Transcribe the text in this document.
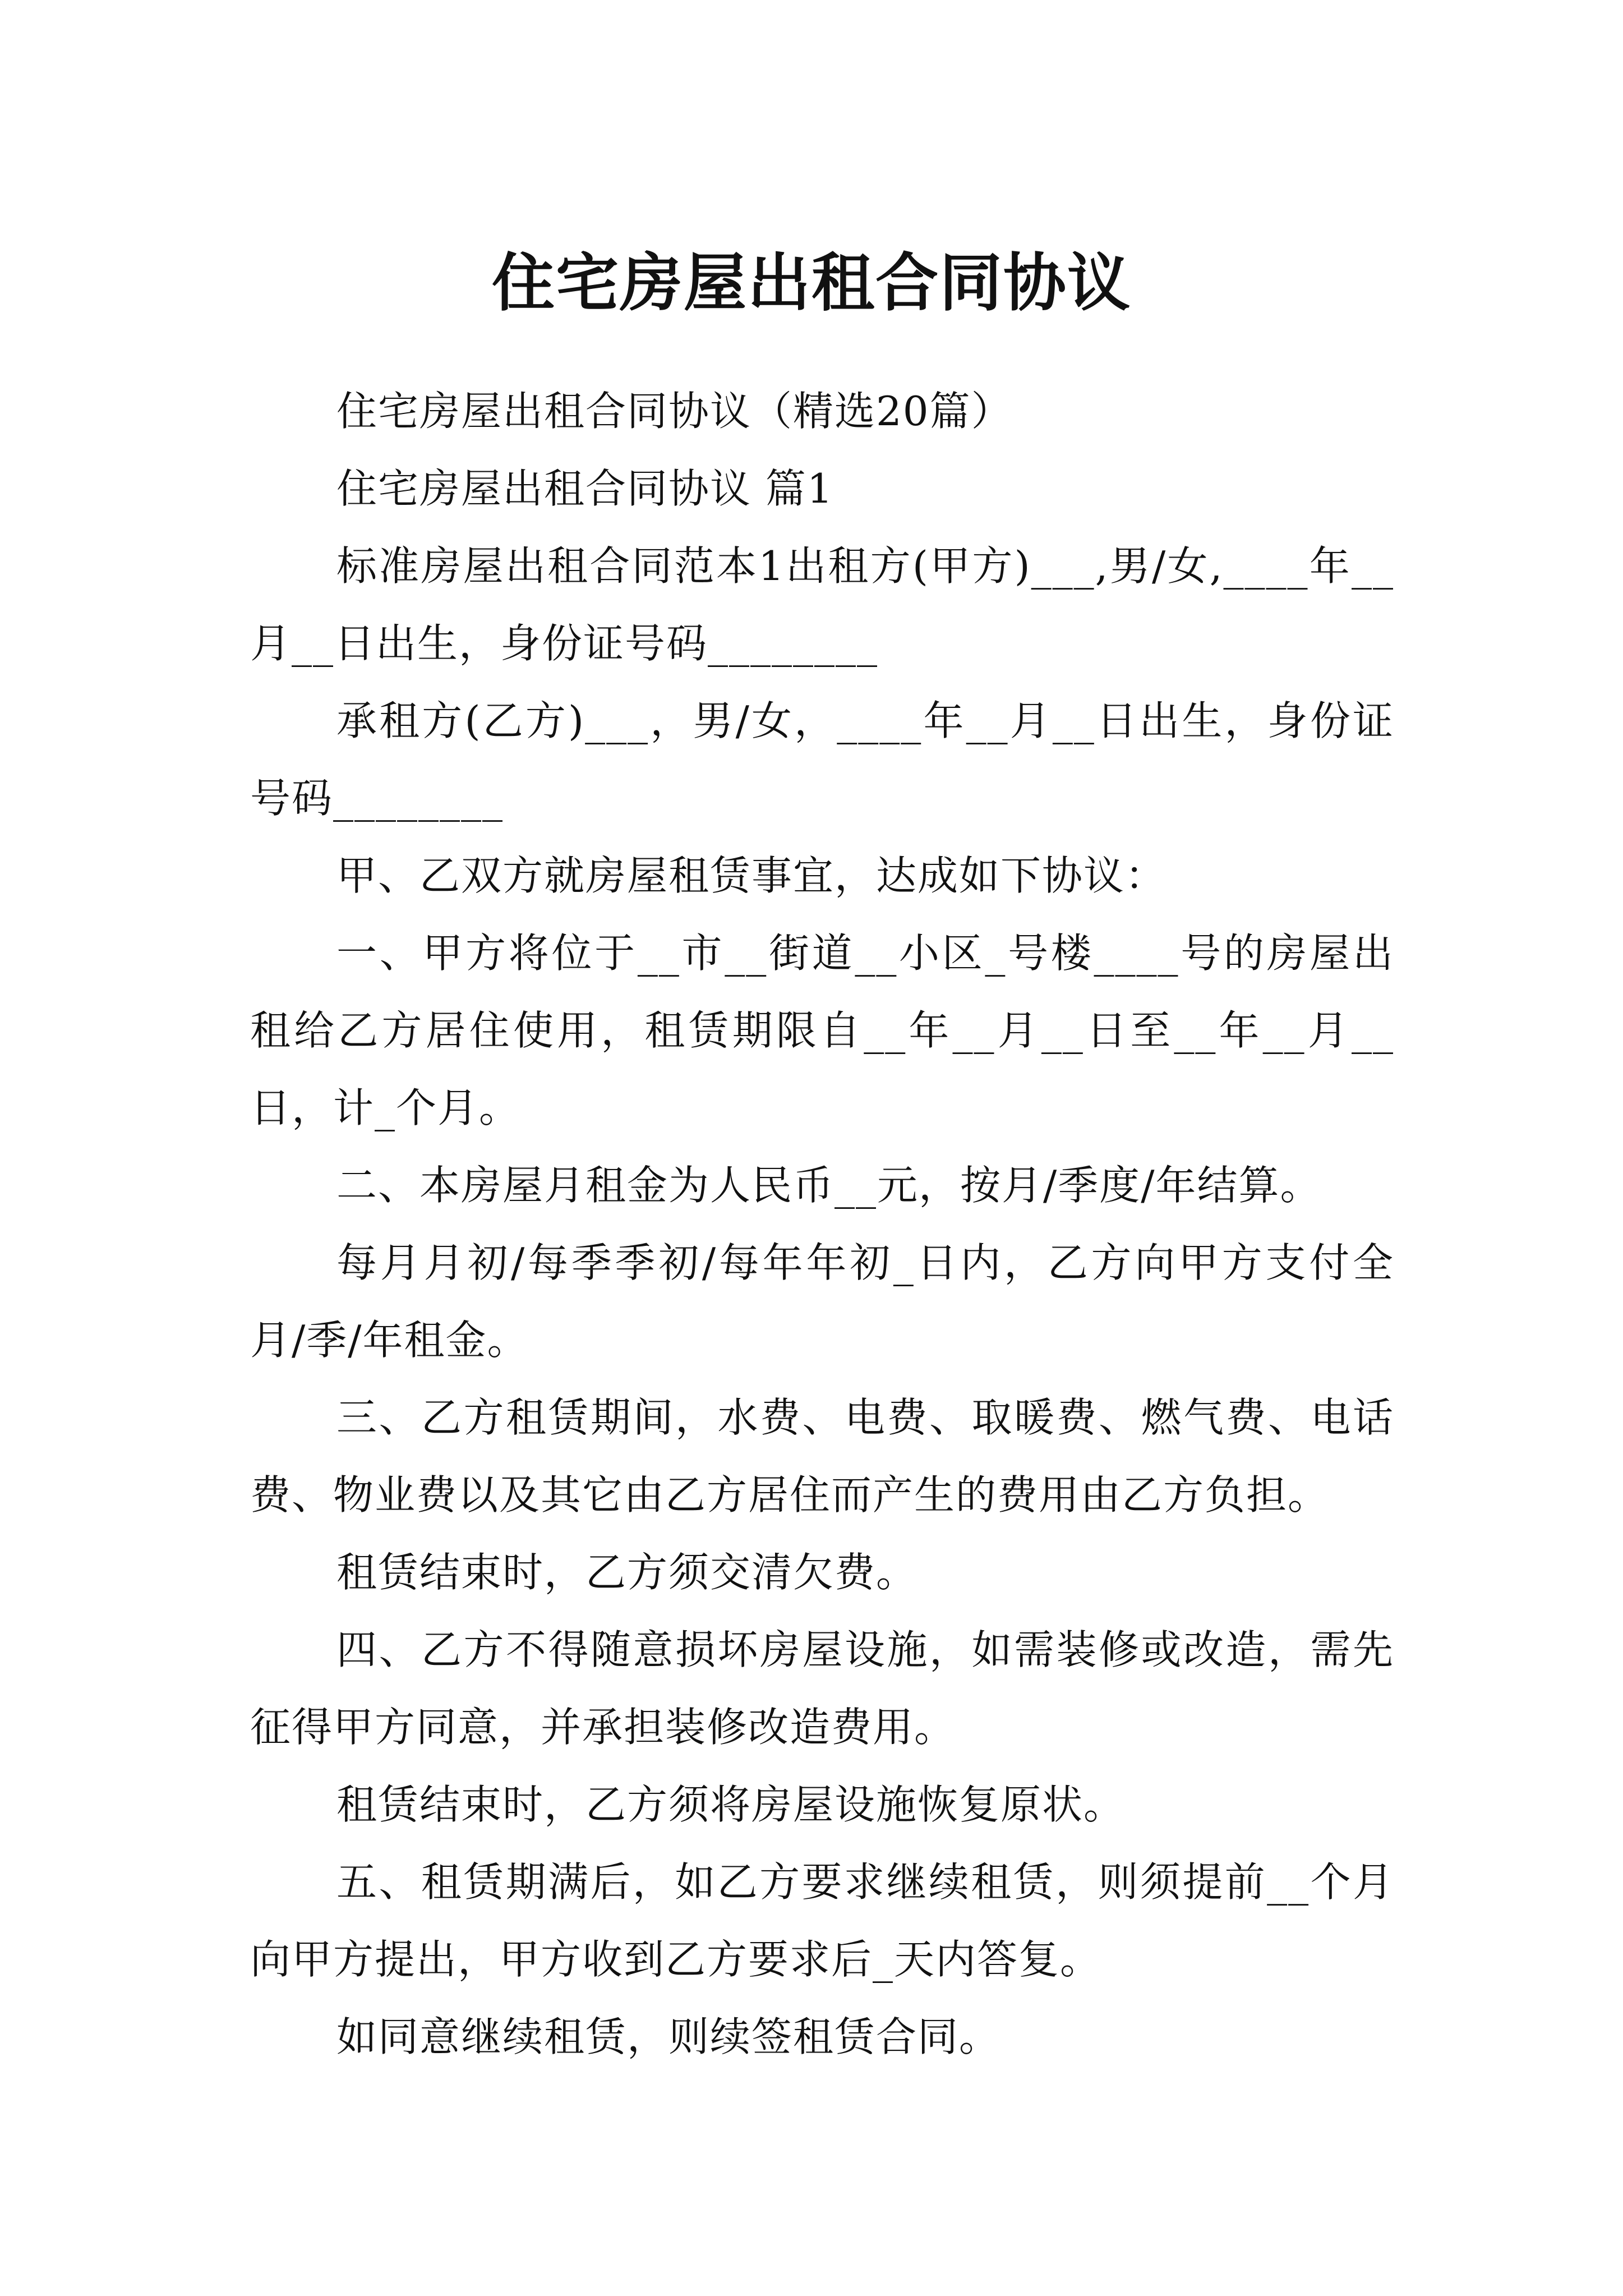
住宅房屋出租合同协议

住宅房屋出租合同协议（精选20篇）

住宅房屋出租合同协议 篇1

标准房屋出租合同范本1出租方(甲方)___,男/女,____年__月__日出生，身份证号码________

承租方(乙方)___，男/女，____年__月__日出生，身份证号码________

甲、乙双方就房屋租赁事宜，达成如下协议：

一、甲方将位于__市__街道__小区_号楼____号的房屋出租给乙方居住使用，租赁期限自__年__月__日至__年__月__日，计_个月。

二、本房屋月租金为人民币__元，按月/季度/年结算。

每月月初/每季季初/每年年初_日内，乙方向甲方支付全月/季/年租金。

三、乙方租赁期间，水费、电费、取暖费、燃气费、电话费、物业费以及其它由乙方居住而产生的费用由乙方负担。

租赁结束时，乙方须交清欠费。

四、乙方不得随意损坏房屋设施，如需装修或改造，需先征得甲方同意，并承担装修改造费用。

租赁结束时，乙方须将房屋设施恢复原状。

五、租赁期满后，如乙方要求继续租赁，则须提前__个月向甲方提出，甲方收到乙方要求后_天内答复。

如同意继续租赁，则续签租赁合同。
